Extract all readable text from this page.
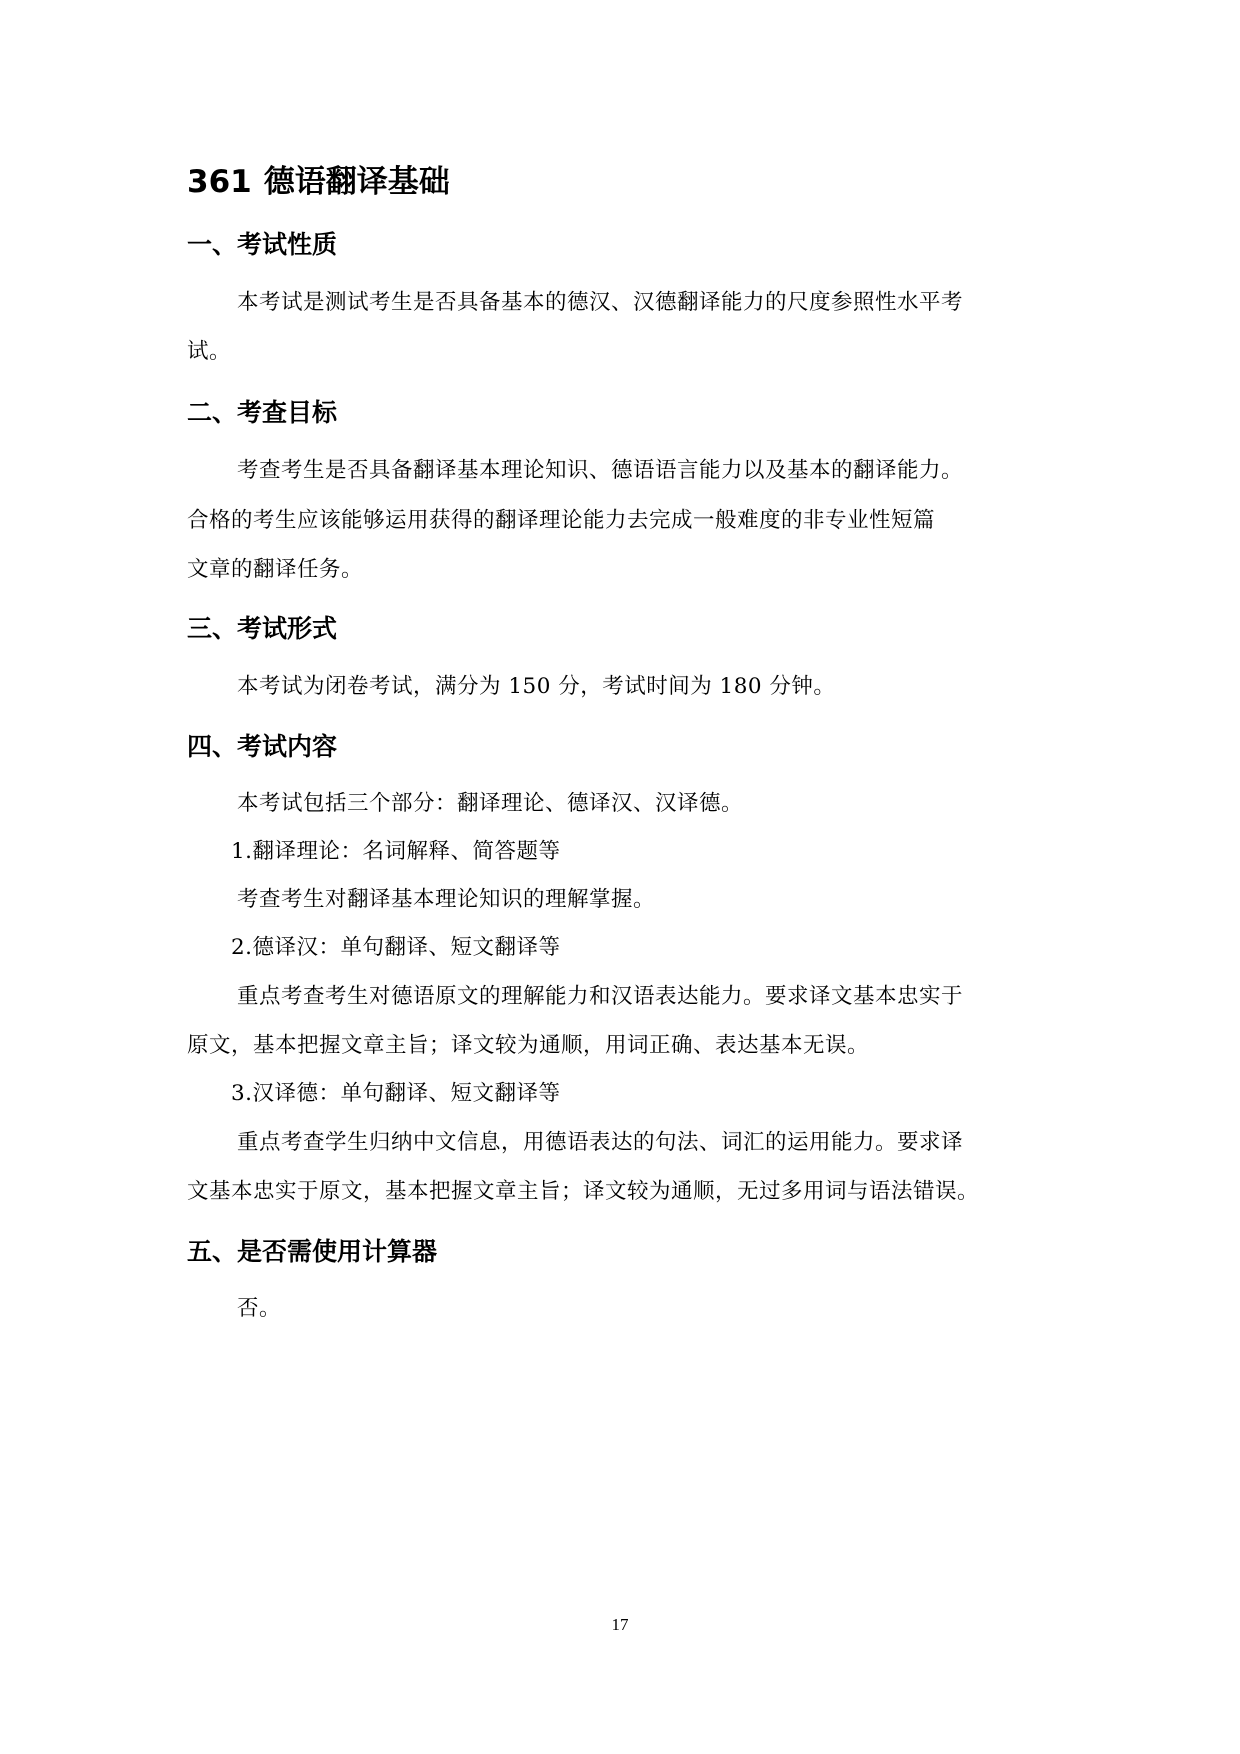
361 德语翻译基础
一、考试性质

本考试是测试考生是否具备基本的德汉、汉德翻译能力的尺度参照性水平考

试。

二、考查目标

考查考生是否具备翻译基本理论知识、德语语言能力以及基本的翻译能力。

合格的考生应该能够运用获得的翻译理论能力去完成一般难度的非专业性短篇

文章的翻译任务。

三、考试形式

本考试为闭卷考试，满分为 150 分，考试时间为 180 分钟。

四、考试内容

本考试包括三个部分：翻译理论、德译汉、汉译德。

1.翻译理论：名词解释、简答题等

考查考生对翻译基本理论知识的理解掌握。

2.德译汉：单句翻译、短文翻译等

重点考查考生对德语原文的理解能力和汉语表达能力。要求译文基本忠实于

原文，基本把握文章主旨；译文较为通顺，用词正确、表达基本无误。

3.汉译德：单句翻译、短文翻译等

重点考查学生归纳中文信息，用德语表达的句法、词汇的运用能力。要求译

文基本忠实于原文，基本把握文章主旨；译文较为通顺，无过多用词与语法错误。

五、是否需使用计算器

否。

17
